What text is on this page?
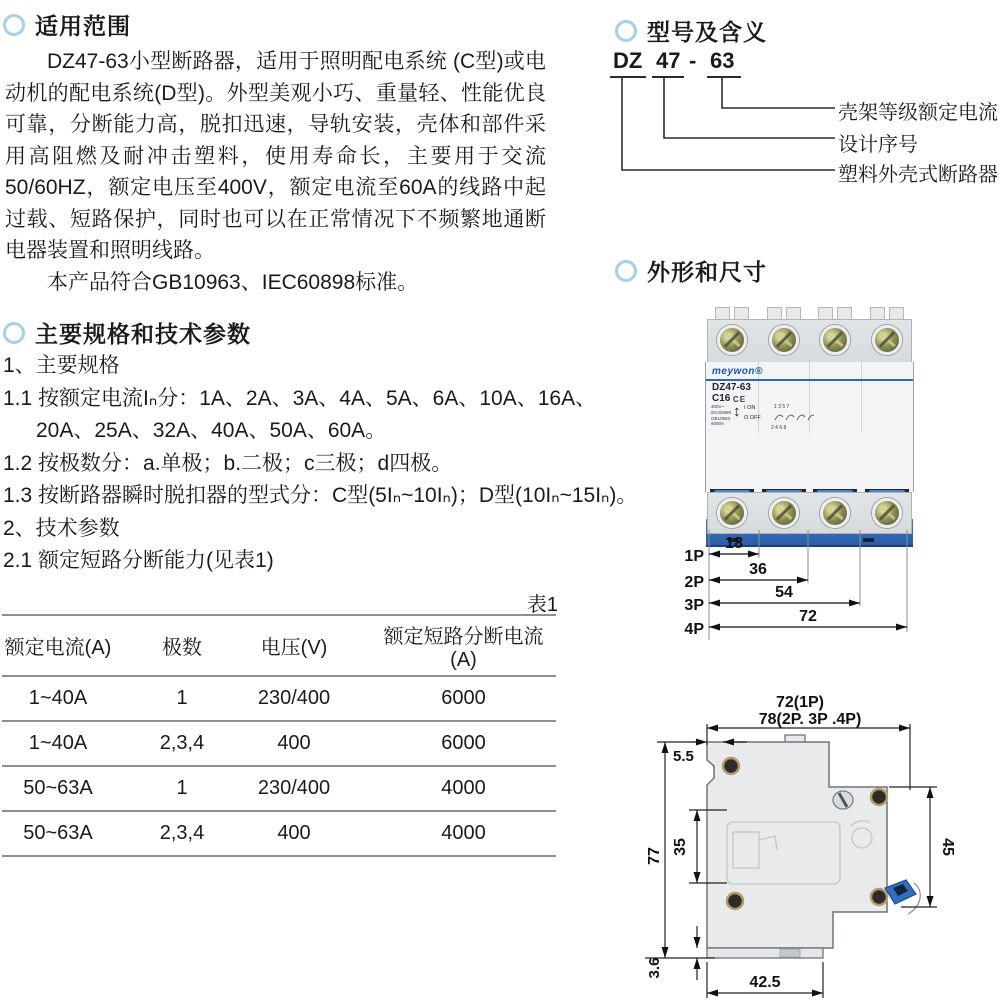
适用范围

DZ47-63小型断路器，适用于照明配电系统 (C型)或电动机的配电系统(D型)。外型美观小巧、重量轻、性能优良可靠，分断能力高，脱扣迅速，导轨安装，壳体和部件采用高阻燃及耐冲击塑料，使用寿命长，主要用于交流50/60HZ，额定电压至400V，额定电流至60A的线路中起过载、短路保护，同时也可以在正常情况下不频繁地通断电器装置和照明线路。

本产品符合GB10963、IEC60898标准。

主要规格和技术参数
1、主要规格
1.1 按额定电流Iₙ分：1A、2A、3A、4A、5A、6A、10A、16A、
20A、25A、32A、40A、50A、60A。
1.2 按极数分：a.单极；b.二极；c三极；d四极。
1.3 按断路器瞬时脱扣器的型式分：C型(5Iₙ~10Iₙ)；D型(10Iₙ~15Iₙ)。
2、技术参数
2.1 额定短路分断能力(见表1)
表1
额定电流(A)	极数	电压(V)	额定短路分断电流(A)
1~40A	1	230/400	6000
1~40A	2,3,4	400	6000
50~63A	1	230/400	4000
50~63A	2,3,4	400	4000
型号及含义
DZ 47 - 63
壳架等级额定电流
设计序号
塑料外壳式断路器
外形和尺寸
meywon®
DZ47-63
C16 CE
400V~
IEC60898
GB10963
6000A
↕ I ON
O OFF
1 3 5 7
2 4 6 8
1P
18
2P
36
3P
54
4P
72
72(1P)
78(2P. 3P .4P)
5.5
77
35	45
3.6
42.5
